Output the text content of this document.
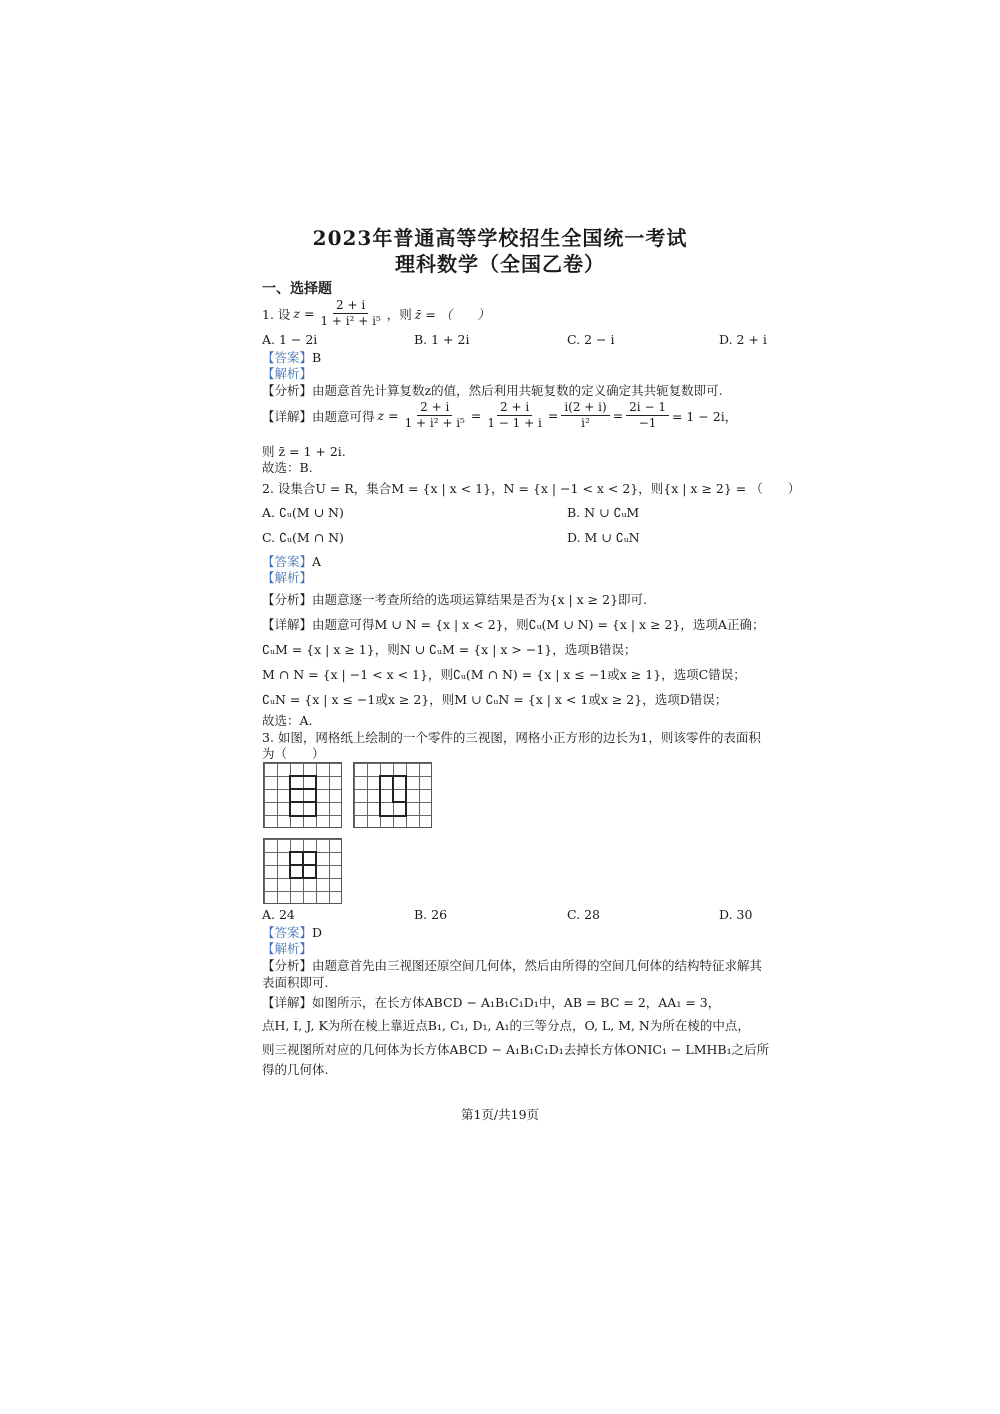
2023年普通高等学校招生全国统一考试
理科数学（全国乙卷）
一、选择题
1. 设 $z = \frac{2 + i}{\text{1 + i² + i⁵}}$ ，则 z̄ = （　　）
A. 1 − 2i	B. 1 + 2i	C. 2 − i	D. 2 + i
【答案】B
【解析】
【分析】由题意首先计算复数z的值，然后利用共轭复数的定义确定其共轭复数即可.
【详解】由题意可得 $z = \frac{2 + i}{\text{1 + i² + i⁵}} = \frac{2 + i}{1 - 1 + i} = \frac{i(2 + i)}{\text{i²}} = \frac{2i - 1}{-1} = 1 - 2i$，
则 z̄ = 1 + 2i.
故选：B.
2. 设集合U = R，集合M = {x | x < 1}，N = {x | −1 < x < 2}，则{x | x ≥ 2} = （　　）
A. ∁ᵤ(M ∪ N)	B. N ∪ ∁ᵤM
C. ∁ᵤ(M ∩ N)	D. M ∪ ∁ᵤN
【答案】A
【解析】
【分析】由题意逐一考查所给的选项运算结果是否为{x | x ≥ 2}即可.
【详解】由题意可得M ∪ N = {x | x < 2}，则∁ᵤ(M ∪ N) = {x | x ≥ 2}，选项A正确；
∁ᵤM = {x | x ≥ 1}，则N ∪ ∁ᵤM = {x | x > −1}，选项B错误；
M ∩ N = {x | −1 < x < 1}，则∁ᵤ(M ∩ N) = {x | x ≤ −1或x ≥ 1}，选项C错误；
∁ᵤN = {x | x ≤ −1或x ≥ 2}，则M ∪ ∁ᵤN = {x | x < 1或x ≥ 2}，选项D错误；
故选：A.
3. 如图，网格纸上绘制的一个零件的三视图，网格小正方形的边长为1，则该零件的表面积
为（　　）
A. 24	B. 26	C. 28	D. 30
【答案】D
【解析】
【分析】由题意首先由三视图还原空间几何体，然后由所得的空间几何体的结构特征求解其
表面积即可.
【详解】如图所示，在长方体ABCD − A₁B₁C₁D₁中，AB = BC = 2，AA₁ = 3，
点H, I, J, K为所在棱上靠近点B₁, C₁, D₁, A₁的三等分点，O, L, M, N为所在棱的中点，
则三视图所对应的几何体为长方体ABCD − A₁B₁C₁D₁去掉长方体ONIC₁ − LMHB₁之后所
得的几何体.
第1页/共19页
